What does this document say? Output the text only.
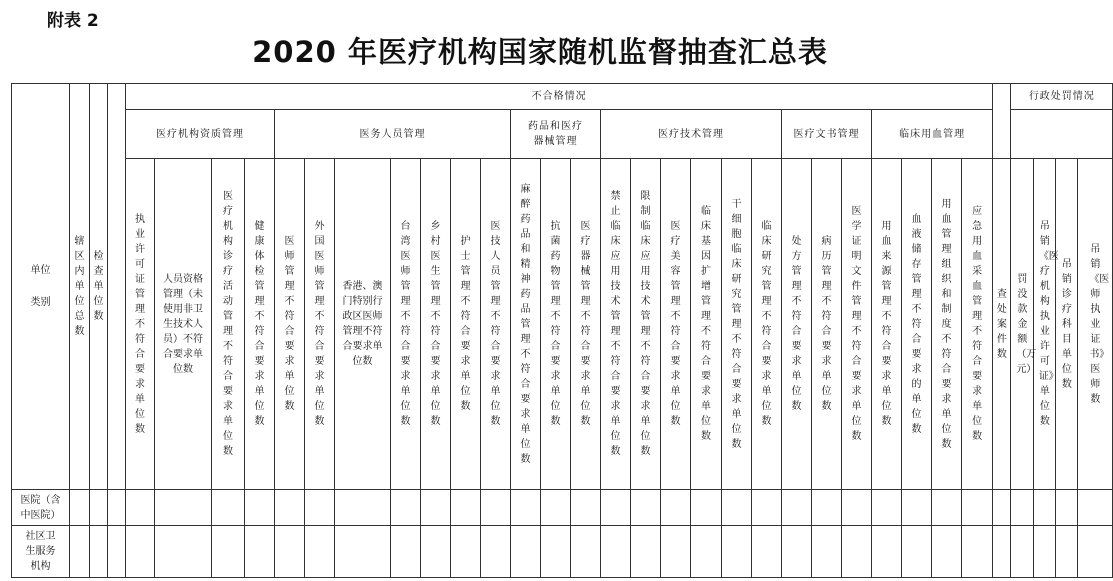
附表 2
2020 年医疗机构国家随机监督抽查汇总表
单位
类别	辖区内单位总数	检查单位数		不合格情况																												行政处罚情况			
				医疗机构资质管理				医务人员管理							药品和医疗器械管理			医疗技术管理						医疗文书管理			临床用血管理								
				执业许可证管理不符合要求单位数	人员资格管理（未使用非卫生技术人员）不符合要求单位数	医疗机构诊疗活动管理不符合要求单位数	健康体检管理不符合要求单位数	医师管理不符合要求单位数	外国医师管理不符合要求单位数	香港、澳门特别行政区医师管理不符合要求单位数	台湾医师管理不符合要求单位数	乡村医生管理不符合要求单位数	护士管理不符合要求单位数	医技人员管理不符合要求单位数	麻醉药品和精神药品管理不符合要求单位数	抗菌药物管理不符合要求单位数	医疗器械管理不符合要求单位数	禁止临床应用技术管理不符合要求单位数	限制临床应用技术管理不符合要求单位数	医疗美容管理不符合要求单位数	临床基因扩增管理不符合要求单位数	干细胞临床研究管理不符合要求单位数	临床研究管理不符合要求单位数	处方管理不符合要求单位数	病历管理不符合要求单位数	医学证明文件管理不符合要求单位数	用血来源管理不符合要求单位数	血液储存管理不符合要求的单位数	用血管理组织和制度不符合要求单位数	应急用血采血管理不符合要求单位数	查处案件数	罚没款金额（万元）	吊销《医疗机构执业许可证》单位数	吊销诊疗科目单位数	吊销《医师执业证书》医师数
医院（含中医院）																																			
社区卫生服务机构																																			
